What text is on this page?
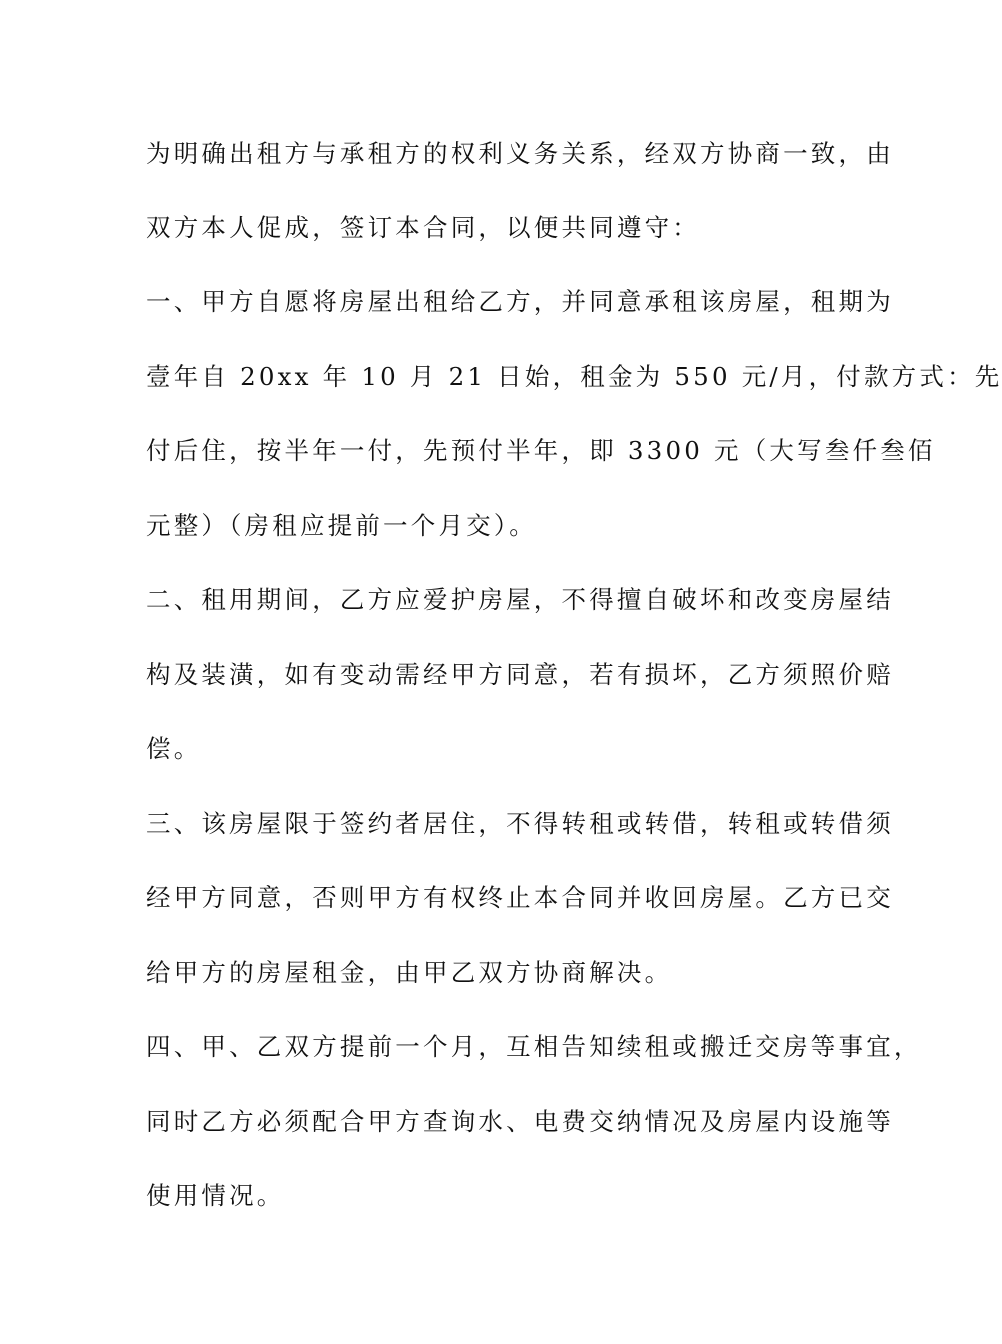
为明确出租方与承租方的权利义务关系，经双方协商一致，由
双方本人促成，签订本合同，以便共同遵守：
一、甲方自愿将房屋出租给乙方，并同意承租该房屋，租期为
壹年自 20xx 年 10 月 21 日始，租金为 550 元/月，付款方式：先
付后住，按半年一付，先预付半年，即 3300 元（大写叁仟叁佰
元整）（房租应提前一个月交）。
二、租用期间，乙方应爱护房屋，不得擅自破坏和改变房屋结
构及装潢，如有变动需经甲方同意，若有损坏，乙方须照价赔
偿。
三、该房屋限于签约者居住，不得转租或转借，转租或转借须
经甲方同意，否则甲方有权终止本合同并收回房屋。乙方已交
给甲方的房屋租金，由甲乙双方协商解决。
四、甲、乙双方提前一个月，互相告知续租或搬迁交房等事宜，
同时乙方必须配合甲方查询水、电费交纳情况及房屋内设施等
使用情况。
